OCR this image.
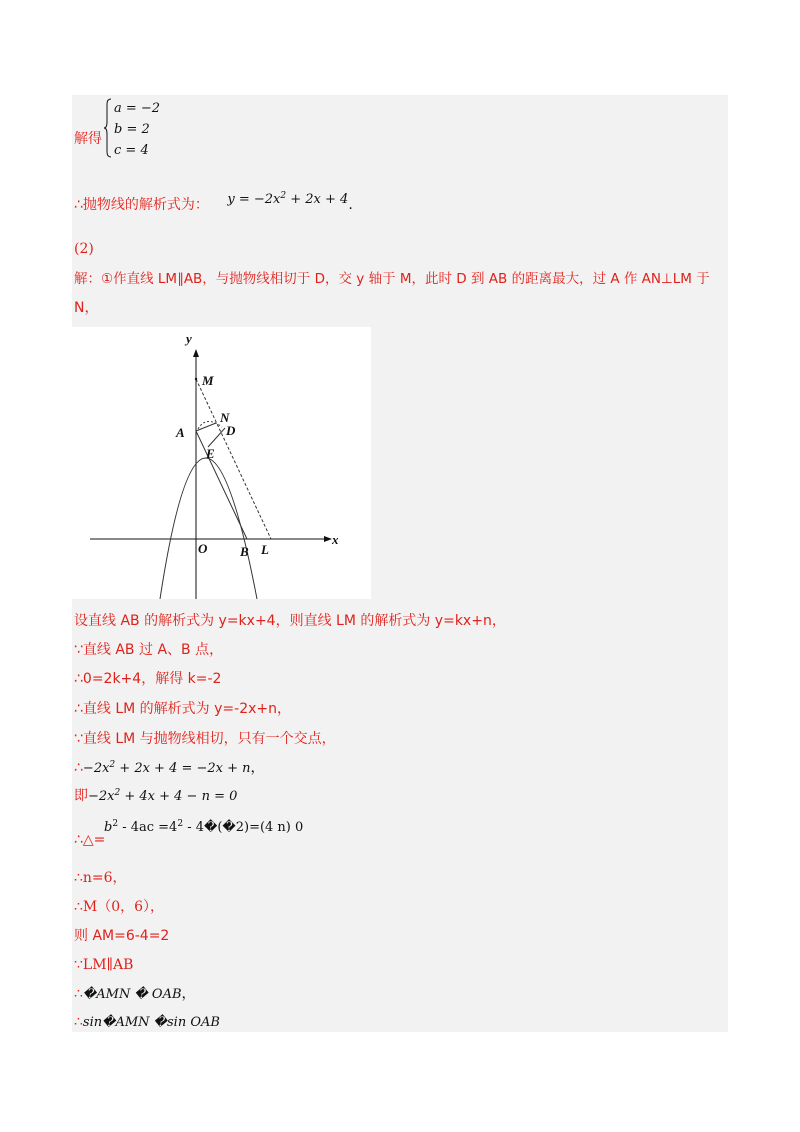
解得
a = −2
b = 2
c = 4
∴抛物线的解析式为： $y = -2x^2 + 2x + 4$.
(2)
解：①作直线 LM∥AB，与抛物线相切于 D，交 y 轴于 M，此时 D 到 AB 的距离最大，过 A 作 AN⊥LM 于
N，
y
x
M
N
A	D
E
O	B L
设直线 AB 的解析式为 y=kx+4，则直线 LM 的解析式为 y=kx+n，
∵直线 AB 过 A、B 点，
∴0=2k+4，解得 k=-2
∴直线 LM 的解析式为 y=-2x+n，
∵直线 LM 与抛物线相切，只有一个交点，
$\therefore-2x^2 + 2x + 4 = -2x + n$，
即$-2x^2 + 4x + 4 - n = 0$
∴△=
$b^2 - 4ac =4^2$ - 4�(�2)=(4 n) 0
∴n=6，
∴M（0，6），
则 AM=6-4=2
∵LM∥AB
∴�AMN � OAB，
∴sin�AMN �sin OAB
